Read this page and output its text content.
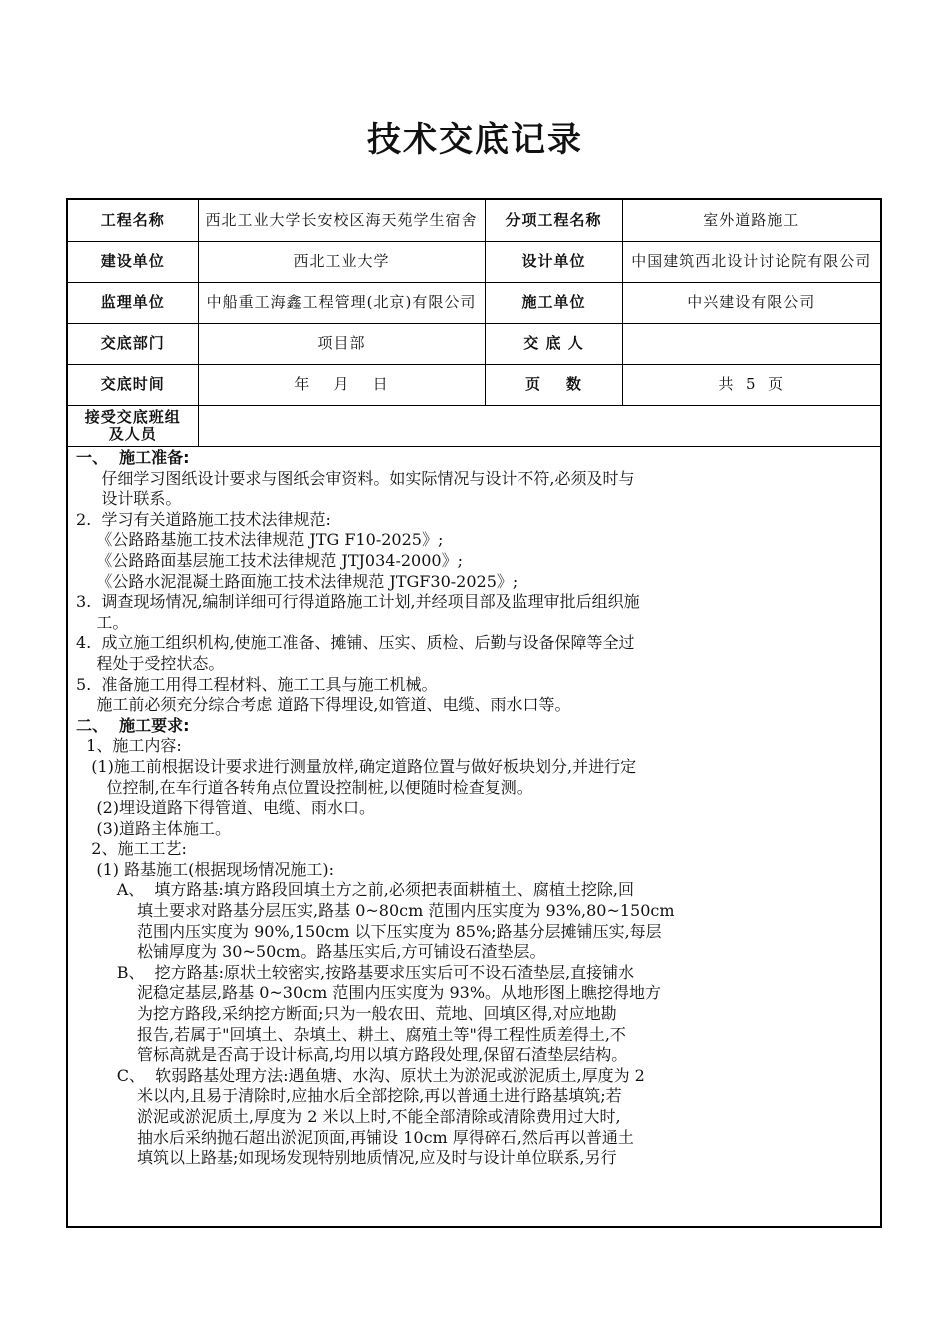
技术交底记录
工程名称	西北工业大学长安校区海天苑学生宿舍	分项工程名称	室外道路施工
建设单位	西北工业大学	设计单位	中国建筑西北设计讨论院有限公司
监理单位	中船重工海鑫工程管理(北京)有限公司	施工单位	中兴建设有限公司
交底部门	项目部	交 底 人	
交底时间	年    月    日	页    数	共  5  页
接受交底班组及人员			

一、  施工准备:

仔细学习图纸设计要求与图纸会审资料。如实际情况与设计不符,必须及时与

设计联系。

2.  学习有关道路施工技术法律规范:

《公路路基施工技术法律规范 JTG F10-2025》;

《公路路面基层施工技术法律规范 JTJ034-2000》;

《公路水泥混凝土路面施工技术法律规范 JTGF30-2025》;

3.  调查现场情况,编制详细可行得道路施工计划,并经项目部及监理审批后组织施

工。

4.  成立施工组织机构,使施工准备、摊铺、压实、质检、后勤与设备保障等全过

程处于受控状态。

5.  准备施工用得工程材料、施工工具与施工机械。

施工前必须充分综合考虑 道路下得埋设,如管道、电缆、雨水口等。

二、  施工要求:

1、施工内容:

(1)施工前根据设计要求进行测量放样,确定道路位置与做好板块划分,并进行定

位控制,在车行道各转角点位置设控制桩,以便随时检查复测。

(2)埋设道路下得管道、电缆、雨水口。

(3)道路主体施工。

2、施工工艺:

(1) 路基施工(根据现场情况施工):

A、  填方路基:填方路段回填土方之前,必须把表面耕植土、腐植土挖除,回

填土要求对路基分层压实,路基 0~80cm 范围内压实度为 93%,80~150cm

范围内压实度为 90%,150cm 以下压实度为 85%;路基分层摊铺压实,每层

松铺厚度为 30~50cm。路基压实后,方可铺设石渣垫层。

B、  挖方路基:原状土较密实,按路基要求压实后可不设石渣垫层,直接铺水

泥稳定基层,路基 0~30cm 范围内压实度为 93%。从地形图上瞧挖得地方

为挖方路段,采纳挖方断面;只为一般农田、荒地、回填区得,对应地勘

报告,若属于"回填土、杂填土、耕土、腐殖土等"得工程性质差得土,不

管标高就是否高于设计标高,均用以填方路段处理,保留石渣垫层结构。

C、  软弱路基处理方法:遇鱼塘、水沟、原状土为淤泥或淤泥质土,厚度为 2

米以内,且易于清除时,应抽水后全部挖除,再以普通土进行路基填筑;若

淤泥或淤泥质土,厚度为 2 米以上时,不能全部清除或清除费用过大时,

抽水后采纳抛石超出淤泥顶面,再铺设 10cm 厚得碎石,然后再以普通土

填筑以上路基;如现场发现特别地质情况,应及时与设计单位联系,另行
